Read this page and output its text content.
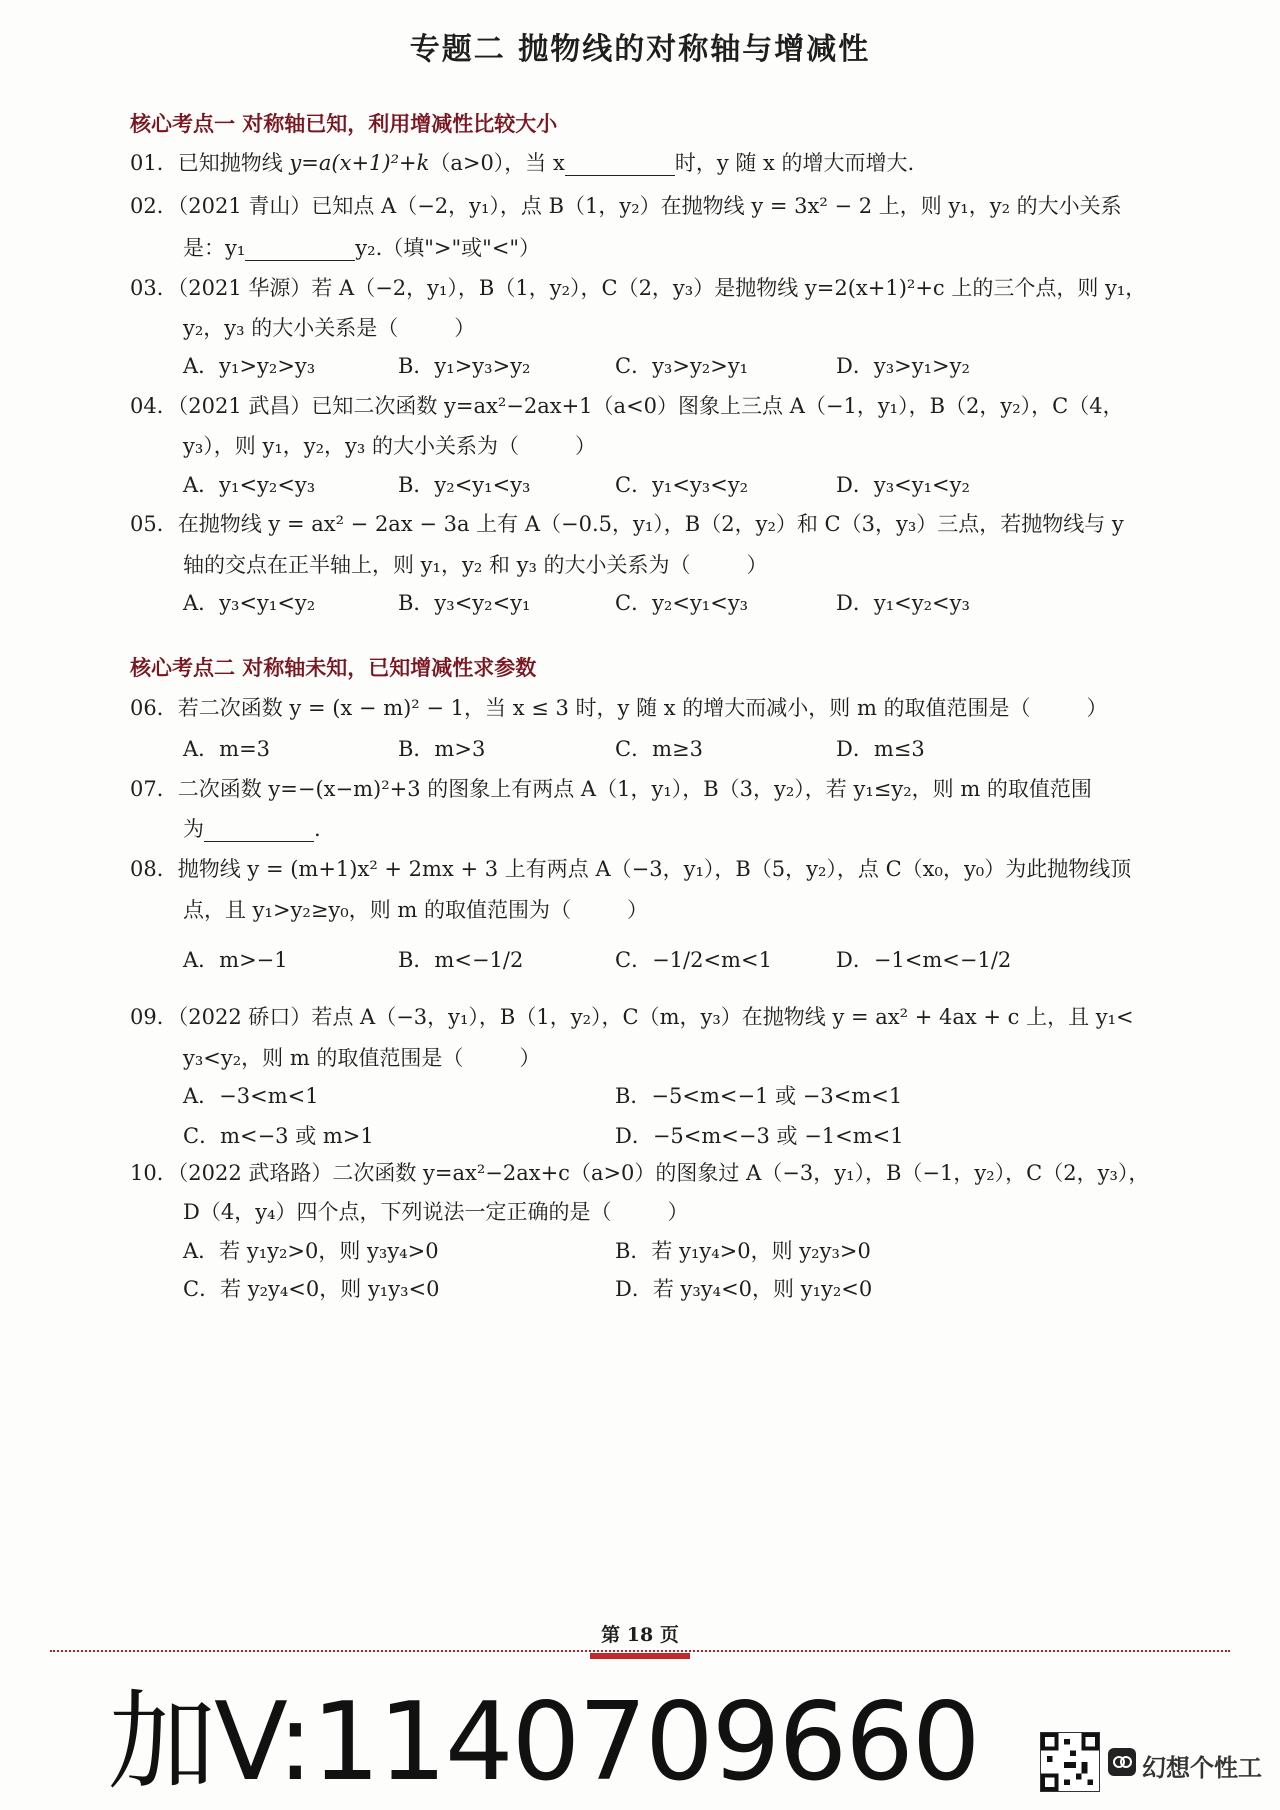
专题二 抛物线的对称轴与增减性
核心考点一 对称轴已知，利用增减性比较大小
01．已知抛物线 y=a(x+1)²+k（a>0），当 x	时，y 随 x 的增大而增大.
02．（2021 青山）已知点 A（−2，y₁），点 B（1，y₂）在抛物线 y = 3x² − 2 上，则 y₁，y₂ 的大小关系
是：y₁	y₂.（填">"或"<"）
03．（2021 华源）若 A（−2，y₁），B（1，y₂），C（2，y₃）是抛物线 y=2(x+1)²+c 上的三个点，则 y₁，
y₂，y₃ 的大小关系是（	）
A．y₁>y₂>y₃	B．y₁>y₃>y₂	C．y₃>y₂>y₁	D．y₃>y₁>y₂
04．（2021 武昌）已知二次函数 y=ax²−2ax+1（a<0）图象上三点 A（−1，y₁），B（2，y₂），C（4，
y₃），则 y₁，y₂，y₃ 的大小关系为（	）
A．y₁<y₂<y₃	B．y₂<y₁<y₃	C．y₁<y₃<y₂	D．y₃<y₁<y₂
05．在抛物线 y = ax² − 2ax − 3a 上有 A（−0.5，y₁），B（2，y₂）和 C（3，y₃）三点，若抛物线与 y
轴的交点在正半轴上，则 y₁，y₂ 和 y₃ 的大小关系为（	）
A．y₃<y₁<y₂	B．y₃<y₂<y₁	C．y₂<y₁<y₃	D．y₁<y₂<y₃
核心考点二 对称轴未知，已知增减性求参数
06．若二次函数 y = (x − m)² − 1，当 x ≤ 3 时，y 随 x 的增大而减小，则 m 的取值范围是（	）
A．m=3	B．m>3	C．m≥3	D．m≤3
07．二次函数 y=−(x−m)²+3 的图象上有两点 A（1，y₁），B（3，y₂），若 y₁≤y₂，则 m 的取值范围
为	.
08．抛物线 y = (m+1)x² + 2mx + 3 上有两点 A（−3，y₁），B（5，y₂），点 C（x₀，y₀）为此抛物线顶
点，且 y₁>y₂≥y₀，则 m 的取值范围为（	）
A．m>−1	B．m<−1/2	C．−1/2<m<1	D．−1<m<−1/2
09．（2022 硚口）若点 A（−3，y₁），B（1，y₂），C（m，y₃）在抛物线 y = ax² + 4ax + c 上，且 y₁<
y₃<y₂，则 m 的取值范围是（	）
A．−3<m<1	B．−5<m<−1 或 −3<m<1
C．m<−3 或 m>1	D．−5<m<−3 或 −1<m<1
10．（2022 武珞路）二次函数 y=ax²−2ax+c（a>0）的图象过 A（−3，y₁），B（−1，y₂），C（2，y₃），
D（4，y₄）四个点，下列说法一定正确的是（	）
A．若 y₁y₂>0，则 y₃y₄>0	B．若 y₁y₄>0，则 y₂y₃>0
C．若 y₂y₄<0，则 y₁y₃<0	D．若 y₃y₄<0，则 y₁y₂<0
第 18 页
加V:1140709660	幻想个性工
